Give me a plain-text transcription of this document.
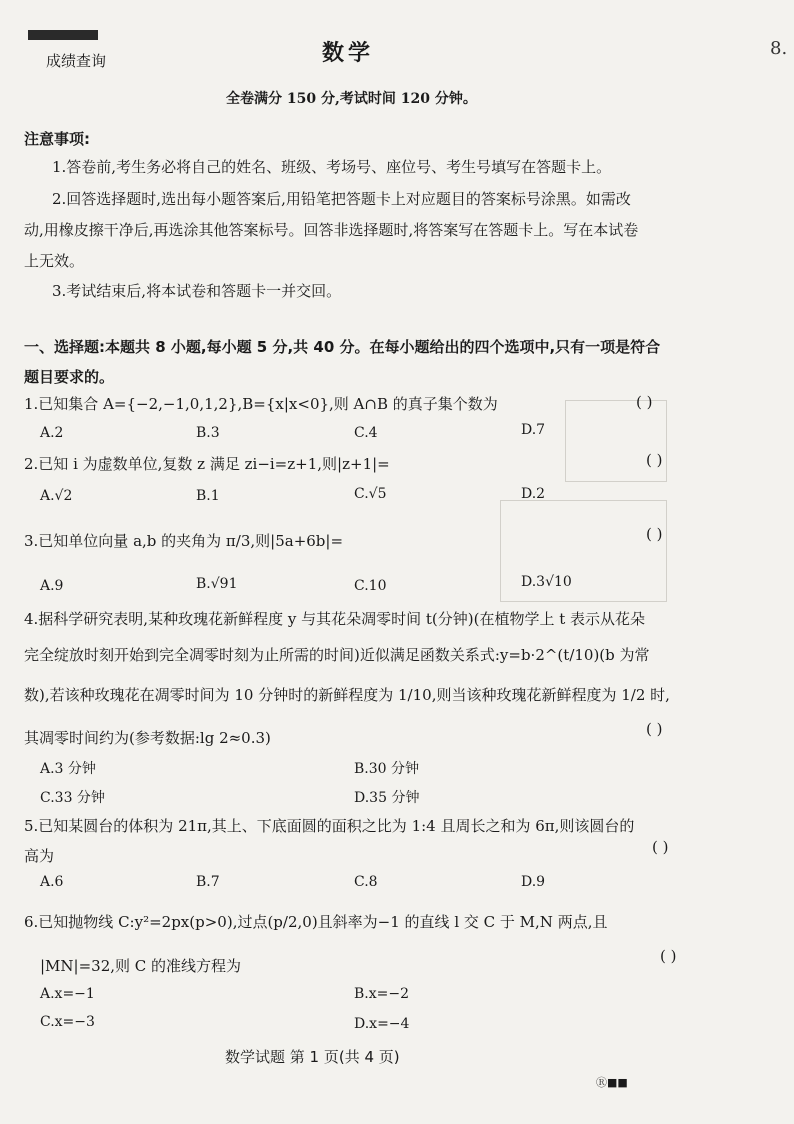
成绩查询	数学	8.
全卷满分 150 分,考试时间 120 分钟。
注意事项:
1.答卷前,考生务必将自己的姓名、班级、考场号、座位号、考生号填写在答题卡上。
2.回答选择题时,选出每小题答案后,用铅笔把答题卡上对应题目的答案标号涂黑。如需改
动,用橡皮擦干净后,再选涂其他答案标号。回答非选择题时,将答案写在答题卡上。写在本试卷
上无效。
3.考试结束后,将本试卷和答题卡一并交回。
一、选择题:本题共 8 小题,每小题 5 分,共 40 分。在每小题给出的四个选项中,只有一项是符合
题目要求的。
1.已知集合 A={−2,−1,0,1,2},B={x|x<0},则 A∩B 的真子集个数为	( )
A.2	B.3	C.4	D.7
2.已知 i 为虚数单位,复数 z 满足 zi−i=z+1,则|z+1|=	( )
A.√2	B.1	C.√5	D.2
3.已知单位向量 a,b 的夹角为 π/3,则|5a+6b|=	( )
A.9	B.√91	C.10	D.3√10
4.据科学研究表明,某种玫瑰花新鲜程度 y 与其花朵凋零时间 t(分钟)(在植物学上 t 表示从花朵
完全绽放时刻开始到完全凋零时刻为止所需的时间)近似满足函数关系式:y=b·2^(t/10)(b 为常
数),若该种玫瑰花在凋零时间为 10 分钟时的新鲜程度为 1/10,则当该种玫瑰花新鲜程度为 1/2 时,
其凋零时间约为(参考数据:lg 2≈0.3)	( )
A.3 分钟	B.30 分钟
C.33 分钟	D.35 分钟
5.已知某圆台的体积为 21π,其上、下底面圆的面积之比为 1:4 且周长之和为 6π,则该圆台的
高为	( )
A.6	B.7	C.8	D.9
6.已知抛物线 C:y²=2px(p>0),过点(p/2,0)且斜率为−1 的直线 l 交 C 于 M,N 两点,且
|MN|=32,则 C 的准线方程为
( )
A.x=−1	B.x=−2
C.x=−3	D.x=−4
数学试题 第 1 页(共 4 页)
Ⓡ■■
